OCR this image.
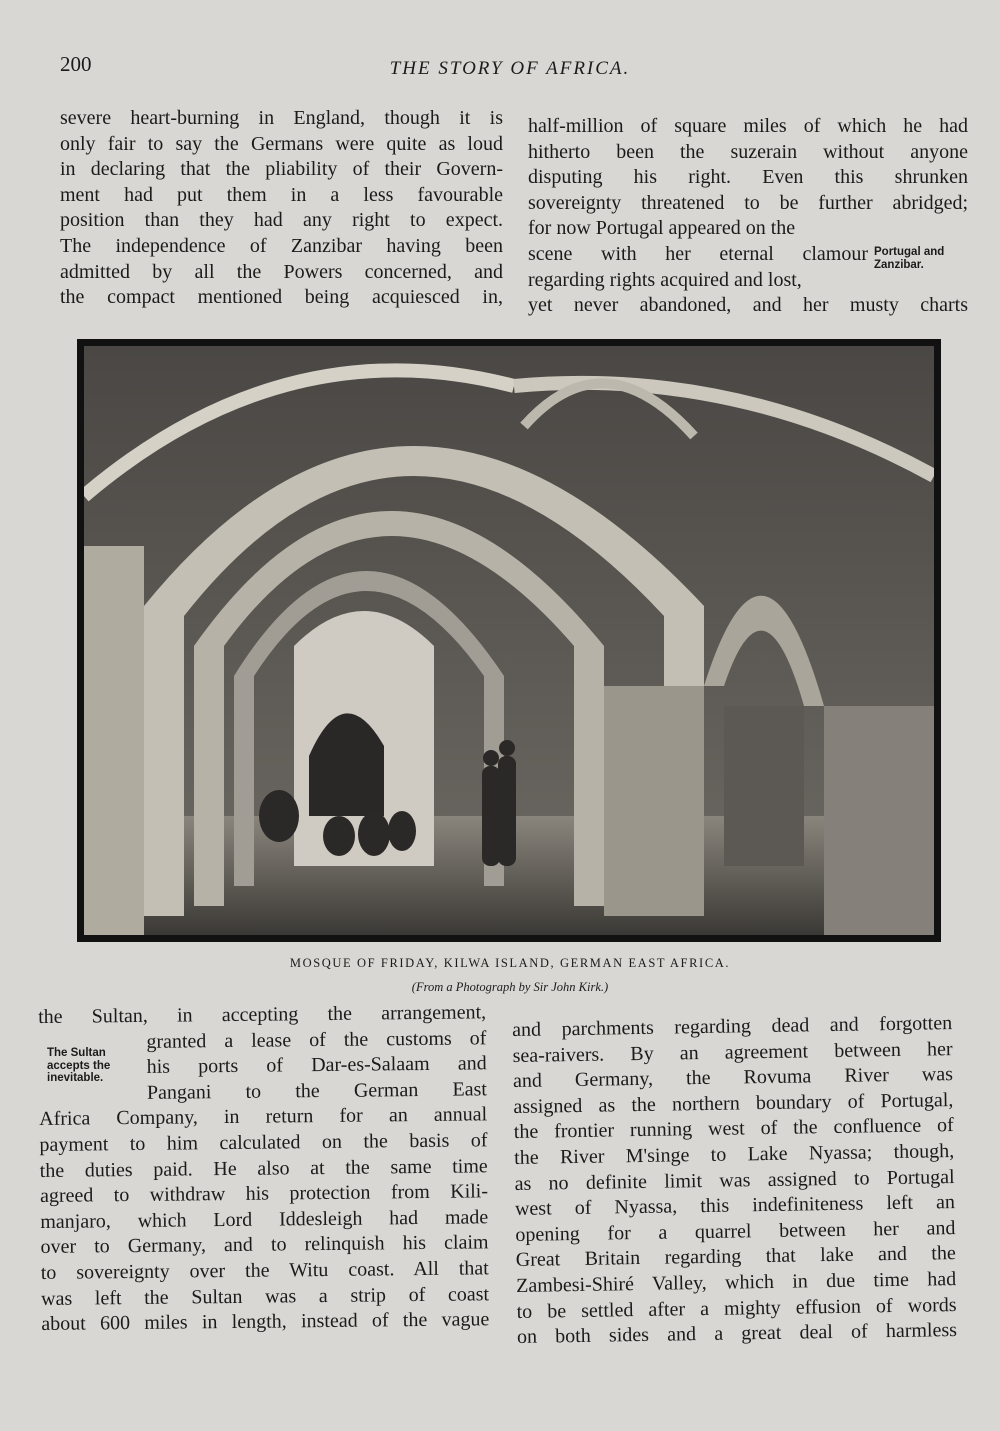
200	THE STORY OF AFRICA.
severe heart-burning in England, though it is
only fair to say the Germans were quite as loud
in declaring that the pliability of their Govern-
ment had put them in a less favourable
position than they had any right to expect.
The independence of Zanzibar having been
admitted by all the Powers concerned, and
the compact mentioned being acquiesced in,
half-million of square miles of which he had
hitherto been the suzerain without anyone
disputing his right. Even this shrunken
sovereignty threatened to be further abridged;
for now Portugal appeared on the
scene with her eternal clamour
regarding rights acquired and lost,
yet never abandoned, and her musty charts
Portugal and
Zanzibar.
MOSQUE OF FRIDAY, KILWA ISLAND, GERMAN EAST AFRICA.
(From a Photograph by Sir John Kirk.)
the Sultan, in accepting the arrangement,
granted a lease of the customs of
his ports of Dar-es-Salaam and
Pangani to the German East
Africa Company, in return for an annual
payment to him calculated on the basis of
the duties paid. He also at the same time
agreed to withdraw his protection from Kili-
manjaro, which Lord Iddesleigh had made
over to Germany, and to relinquish his claim
to sovereignty over the Witu coast. All that
was left the Sultan was a strip of coast
about 600 miles in length, instead of the vague
The Sultan
accepts the
inevitable.
and parchments regarding dead and forgotten
sea-raivers. By an agreement between her
and Germany, the Rovuma River was
assigned as the northern boundary of Portugal,
the frontier running west of the confluence of
the River M'singe to Lake Nyassa; though,
as no definite limit was assigned to Portugal
west of Nyassa, this indefiniteness left an
opening for a quarrel between her and
Great Britain regarding that lake and the
Zambesi-Shiré Valley, which in due time had
to be settled after a mighty effusion of words
on both sides and a great deal of harmless
